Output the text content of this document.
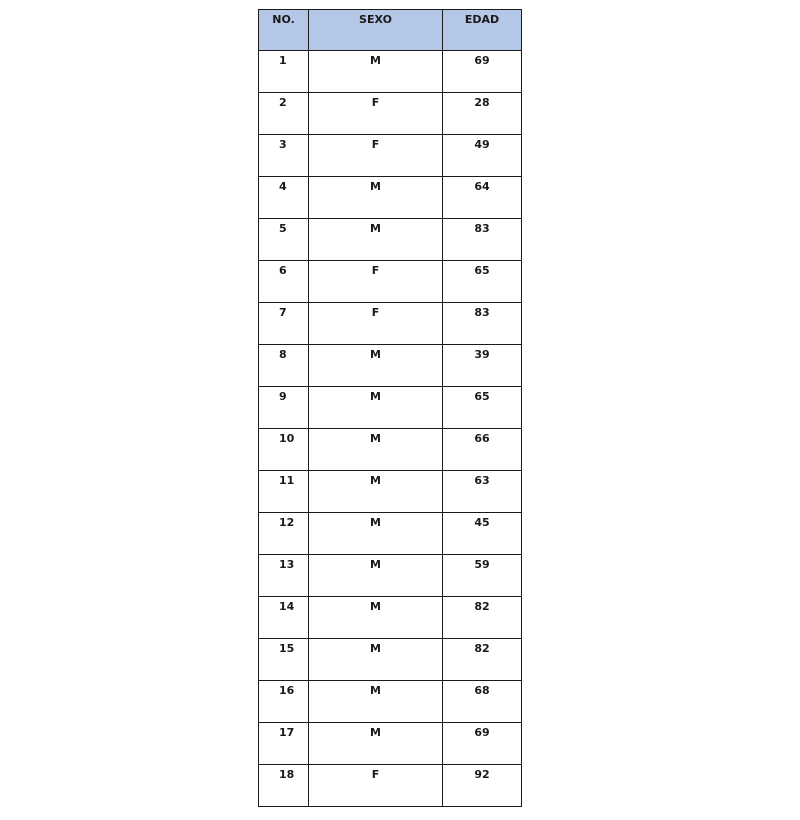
NO.	SEXO	EDAD
1	M	69
2	F	28
3	F	49
4	M	64
5	M	83
6	F	65
7	F	83
8	M	39
9	M	65
10	M	66
11	M	63
12	M	45
13	M	59
14	M	82
15	M	82
16	M	68
17	M	69
18	F	92
